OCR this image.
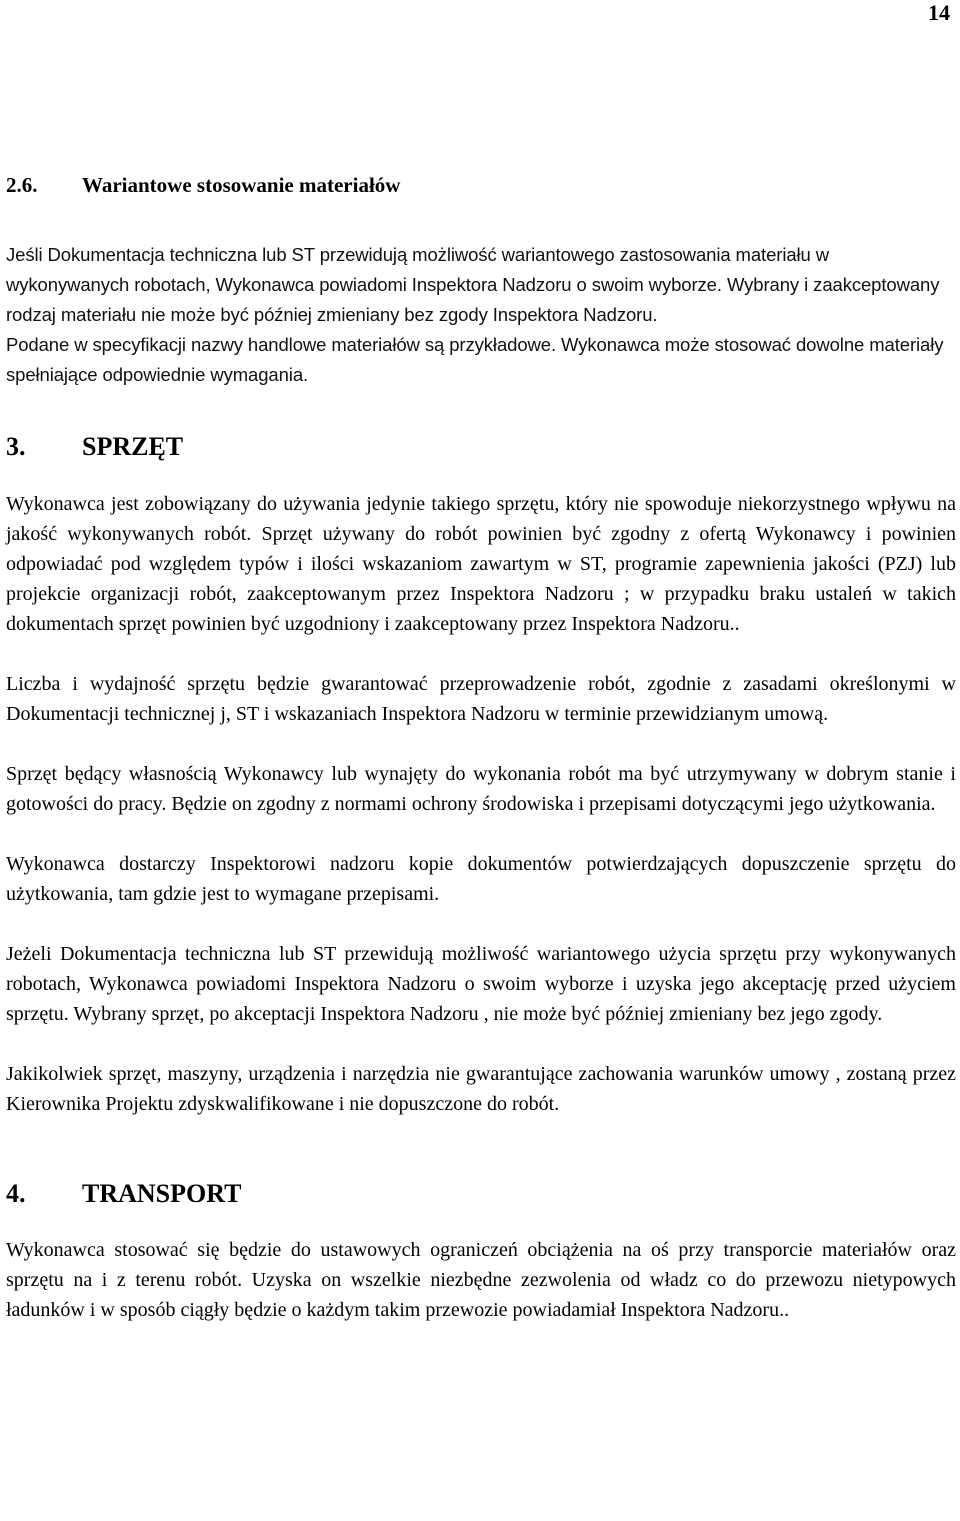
14
2.6.	Wariantowe stosowanie materiałów

Jeśli Dokumentacja techniczna lub ST przewidują możliwość wariantowego zastosowania materiału w wykonywanych robotach, Wykonawca powiadomi Inspektora Nadzoru o swoim wyborze. Wybrany i zaakceptowany rodzaj materiału nie może być później zmieniany bez zgody Inspektora Nadzoru.

Podane w specyfikacji nazwy handlowe materiałów są przykładowe. Wykonawca może stosować dowolne materiały spełniające odpowiednie wymagania.

3.	SPRZĘT

Wykonawca jest zobowiązany do używania jedynie takiego sprzętu, który nie spowoduje niekorzystnego wpływu na jakość wykonywanych robót. Sprzęt używany do robót powinien być zgodny z ofertą Wykonawcy i powinien odpowiadać pod względem typów i ilości wskazaniom zawartym w ST, programie zapewnienia jakości (PZJ) lub projekcie organizacji robót, zaakceptowanym przez Inspektora Nadzoru ; w przypadku braku ustaleń w takich dokumentach sprzęt powinien być uzgodniony i zaakceptowany przez Inspektora Nadzoru..

Liczba i wydajność sprzętu będzie gwarantować przeprowadzenie robót, zgodnie z zasadami określonymi w Dokumentacji technicznej j, ST i wskazaniach Inspektora Nadzoru w terminie przewidzianym umową.

Sprzęt będący własnością Wykonawcy lub wynajęty do wykonania robót ma być utrzymywany w dobrym stanie i gotowości do pracy. Będzie on zgodny z normami ochrony środowiska i przepisami dotyczącymi jego użytkowania.

Wykonawca dostarczy Inspektorowi nadzoru kopie dokumentów potwierdzających dopuszczenie sprzętu do użytkowania, tam gdzie jest to wymagane przepisami.

Jeżeli Dokumentacja techniczna lub ST przewidują możliwość wariantowego użycia sprzętu przy wykonywanych robotach, Wykonawca powiadomi Inspektora Nadzoru o swoim wyborze i uzyska jego akceptację przed użyciem sprzętu. Wybrany sprzęt, po akceptacji Inspektora Nadzoru , nie może być później zmieniany bez jego zgody.

Jakikolwiek sprzęt, maszyny, urządzenia i narzędzia nie gwarantujące zachowania warunków umowy , zostaną przez Kierownika Projektu zdyskwalifikowane i nie dopuszczone do robót.

4.	TRANSPORT

Wykonawca stosować się będzie do ustawowych ograniczeń obciążenia na oś przy transporcie materiałów oraz sprzętu na i z terenu robót. Uzyska on wszelkie niezbędne zezwolenia od władz co do przewozu nietypowych ładunków i w sposób ciągły będzie o każdym takim przewozie powiadamiał Inspektora Nadzoru..
